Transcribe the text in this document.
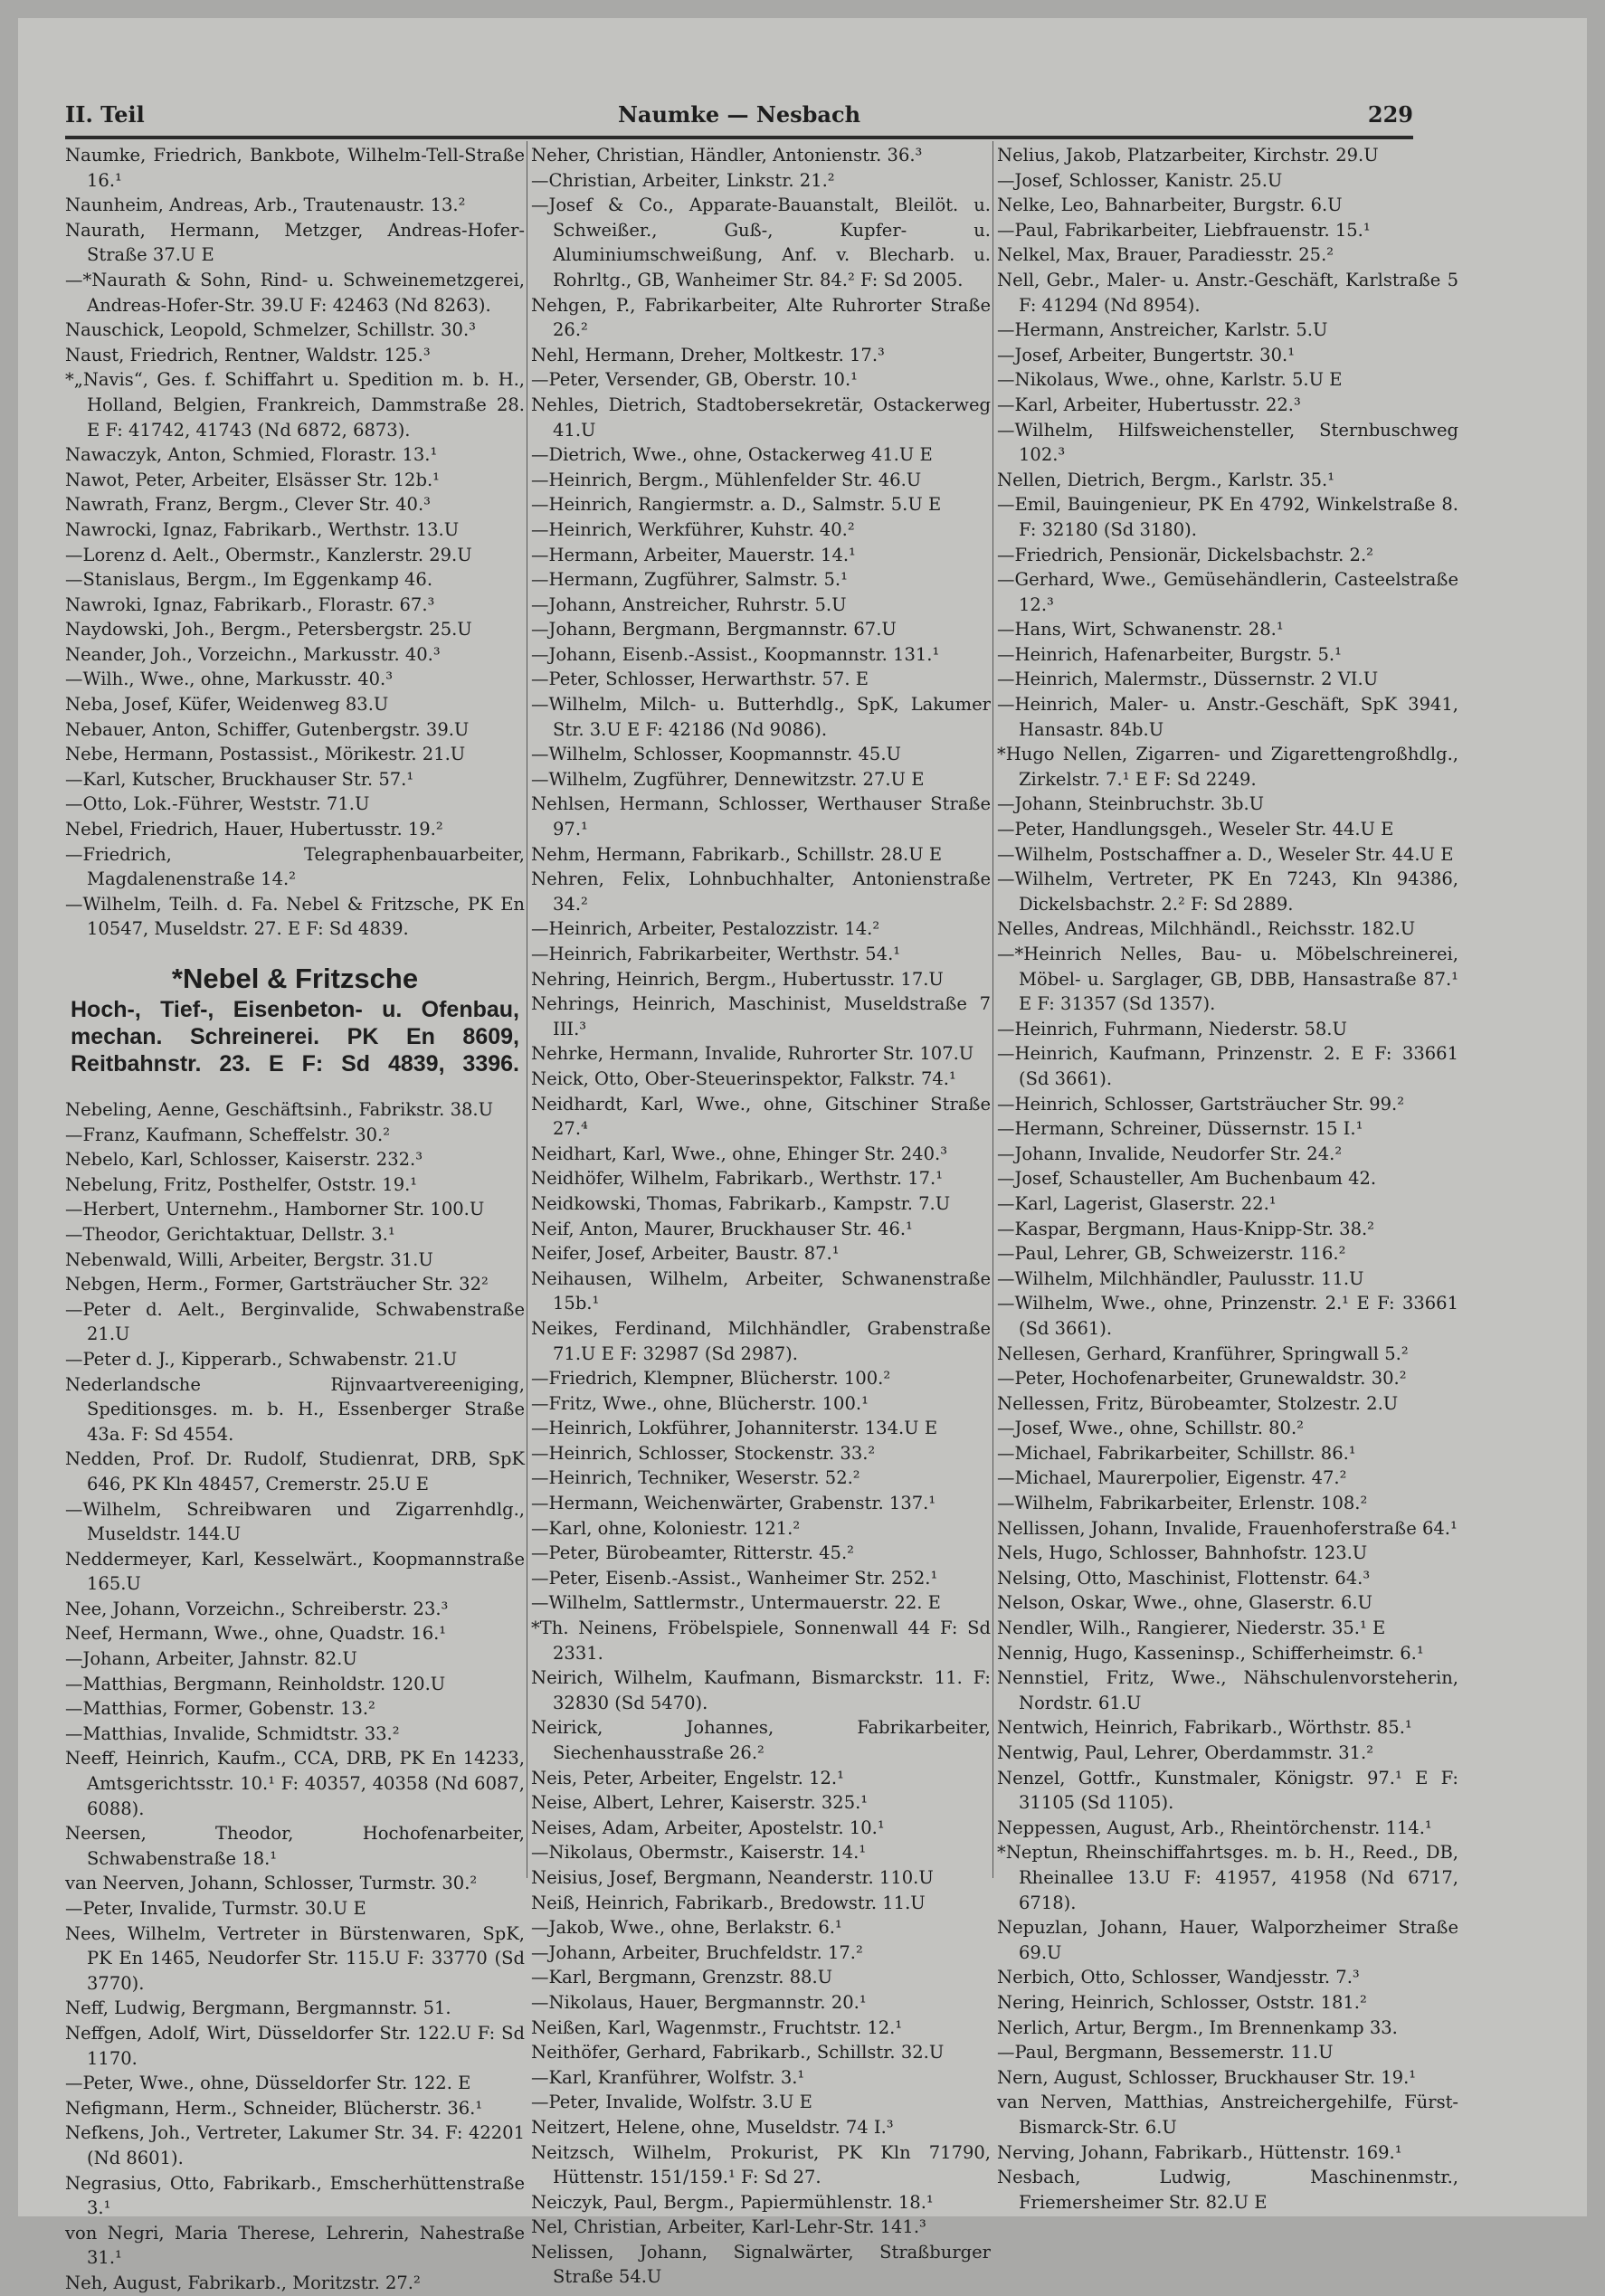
II. Teil	Naumke — Nesbach	229
Naumke, Friedrich, Bankbote, Wilhelm-Tell-Straße 16.¹
Naunheim, Andreas, Arb., Trautenaustr. 13.²
Naurath, Hermann, Metzger, Andreas-Hofer-Straße 37.U E
—*Naurath & Sohn, Rind- u. Schweinemetzgerei, Andreas-Hofer-Str. 39.U F: 42463 (Nd 8263).
Nauschick, Leopold, Schmelzer, Schillstr. 30.³
Naust, Friedrich, Rentner, Waldstr. 125.³
*„Navis“, Ges. f. Schiffahrt u. Spedition m. b. H., Holland, Belgien, Frankreich, Dammstraße 28. E F: 41742, 41743 (Nd 6872, 6873).
Nawaczyk, Anton, Schmied, Florastr. 13.¹
Nawot, Peter, Arbeiter, Elsässer Str. 12b.¹
Nawrath, Franz, Bergm., Clever Str. 40.³
Nawrocki, Ignaz, Fabrikarb., Werthstr. 13.U
—Lorenz d. Aelt., Obermstr., Kanzlerstr. 29.U
—Stanislaus, Bergm., Im Eggenkamp 46.
Nawroki, Ignaz, Fabrikarb., Florastr. 67.³
Naydowski, Joh., Bergm., Petersbergstr. 25.U
Neander, Joh., Vorzeichn., Markusstr. 40.³
—Wilh., Wwe., ohne, Markusstr. 40.³
Neba, Josef, Küfer, Weidenweg 83.U
Nebauer, Anton, Schiffer, Gutenbergstr. 39.U
Nebe, Hermann, Postassist., Mörikestr. 21.U
—Karl, Kutscher, Bruckhauser Str. 57.¹
—Otto, Lok.-Führer, Weststr. 71.U
Nebel, Friedrich, Hauer, Hubertusstr. 19.²
—Friedrich, Telegraphenbauarbeiter, Magdalenenstraße 14.²
—Wilhelm, Teilh. d. Fa. Nebel & Fritzsche, PK En 10547, Museldstr. 27. E F: Sd 4839.
*Nebel & Fritzsche
Hoch-, Tief-, Eisenbeton- u. Ofenbau,
mechan. Schreinerei. PK En 8609,
Reitbahnstr. 23. E F: Sd 4839, 3396.
Nebeling, Aenne, Geschäftsinh., Fabrikstr. 38.U
—Franz, Kaufmann, Scheffelstr. 30.²
Nebelo, Karl, Schlosser, Kaiserstr. 232.³
Nebelung, Fritz, Posthelfer, Oststr. 19.¹
—Herbert, Unternehm., Hamborner Str. 100.U
—Theodor, Gerichtaktuar, Dellstr. 3.¹
Nebenwald, Willi, Arbeiter, Bergstr. 31.U
Nebgen, Herm., Former, Gartsträucher Str. 32²
—Peter d. Aelt., Berginvalide, Schwabenstraße 21.U
—Peter d. J., Kipperarb., Schwabenstr. 21.U
Nederlandsche Rijnvaartvereeniging, Speditionsges. m. b. H., Essenberger Straße 43a. F: Sd 4554.
Nedden, Prof. Dr. Rudolf, Studienrat, DRB, SpK 646, PK Kln 48457, Cremerstr. 25.U E
—Wilhelm, Schreibwaren und Zigarrenhdlg., Museldstr. 144.U
Neddermeyer, Karl, Kesselwärt., Koopmannstraße 165.U
Nee, Johann, Vorzeichn., Schreiberstr. 23.³
Neef, Hermann, Wwe., ohne, Quadstr. 16.¹
—Johann, Arbeiter, Jahnstr. 82.U
—Matthias, Bergmann, Reinholdstr. 120.U
—Matthias, Former, Gobenstr. 13.²
—Matthias, Invalide, Schmidtstr. 33.²
Neeff, Heinrich, Kaufm., CCA, DRB, PK En 14233, Amtsgerichtsstr. 10.¹ F: 40357, 40358 (Nd 6087, 6088).
Neersen, Theodor, Hochofenarbeiter, Schwabenstraße 18.¹
van Neerven, Johann, Schlosser, Turmstr. 30.²
—Peter, Invalide, Turmstr. 30.U E
Nees, Wilhelm, Vertreter in Bürstenwaren, SpK, PK En 1465, Neudorfer Str. 115.U F: 33770 (Sd 3770).
Neff, Ludwig, Bergmann, Bergmannstr. 51.
Neffgen, Adolf, Wirt, Düsseldorfer Str. 122.U F: Sd 1170.
—Peter, Wwe., ohne, Düsseldorfer Str. 122. E
Nefigmann, Herm., Schneider, Blücherstr. 36.¹
Nefkens, Joh., Vertreter, Lakumer Str. 34. F: 42201 (Nd 8601).
Negrasius, Otto, Fabrikarb., Emscherhüttenstraße 3.¹
von Negri, Maria Therese, Lehrerin, Nahestraße 31.¹
Neh, August, Fabrikarb., Moritzstr. 27.²
Neher, Christian, Händler, Antonienstr. 36.³
—Christian, Arbeiter, Linkstr. 21.²
—Josef & Co., Apparate-Bauanstalt, Bleilöt. u. Schweißer., Guß-, Kupfer- u. Aluminiumschweißung, Anf. v. Blecharb. u. Rohrltg., GB, Wanheimer Str. 84.² F: Sd 2005.
Nehgen, P., Fabrikarbeiter, Alte Ruhrorter Straße 26.²
Nehl, Hermann, Dreher, Moltkestr. 17.³
—Peter, Versender, GB, Oberstr. 10.¹
Nehles, Dietrich, Stadtobersekretär, Ostackerweg 41.U
—Dietrich, Wwe., ohne, Ostackerweg 41.U E
—Heinrich, Bergm., Mühlenfelder Str. 46.U
—Heinrich, Rangiermstr. a. D., Salmstr. 5.U E
—Heinrich, Werkführer, Kuhstr. 40.²
—Hermann, Arbeiter, Mauerstr. 14.¹
—Hermann, Zugführer, Salmstr. 5.¹
—Johann, Anstreicher, Ruhrstr. 5.U
—Johann, Bergmann, Bergmannstr. 67.U
—Johann, Eisenb.-Assist., Koopmannstr. 131.¹
—Peter, Schlosser, Herwarthstr. 57. E
—Wilhelm, Milch- u. Butterhdlg., SpK, Lakumer Str. 3.U E F: 42186 (Nd 9086).
—Wilhelm, Schlosser, Koopmannstr. 45.U
—Wilhelm, Zugführer, Dennewitzstr. 27.U E
Nehlsen, Hermann, Schlosser, Werthauser Straße 97.¹
Nehm, Hermann, Fabrikarb., Schillstr. 28.U E
Nehren, Felix, Lohnbuchhalter, Antonienstraße 34.²
—Heinrich, Arbeiter, Pestalozzistr. 14.²
—Heinrich, Fabrikarbeiter, Werthstr. 54.¹
Nehring, Heinrich, Bergm., Hubertusstr. 17.U
Nehrings, Heinrich, Maschinist, Museldstraße 7 III.³
Nehrke, Hermann, Invalide, Ruhrorter Str. 107.U
Neick, Otto, Ober-Steuerinspektor, Falkstr. 74.¹
Neidhardt, Karl, Wwe., ohne, Gitschiner Straße 27.⁴
Neidhart, Karl, Wwe., ohne, Ehinger Str. 240.³
Neidhöfer, Wilhelm, Fabrikarb., Werthstr. 17.¹
Neidkowski, Thomas, Fabrikarb., Kampstr. 7.U
Neif, Anton, Maurer, Bruckhauser Str. 46.¹
Neifer, Josef, Arbeiter, Baustr. 87.¹
Neihausen, Wilhelm, Arbeiter, Schwanenstraße 15b.¹
Neikes, Ferdinand, Milchhändler, Grabenstraße 71.U E F: 32987 (Sd 2987).
—Friedrich, Klempner, Blücherstr. 100.²
—Fritz, Wwe., ohne, Blücherstr. 100.¹
—Heinrich, Lokführer, Johanniterstr. 134.U E
—Heinrich, Schlosser, Stockenstr. 33.²
—Heinrich, Techniker, Weserstr. 52.²
—Hermann, Weichenwärter, Grabenstr. 137.¹
—Karl, ohne, Koloniestr. 121.²
—Peter, Bürobeamter, Ritterstr. 45.²
—Peter, Eisenb.-Assist., Wanheimer Str. 252.¹
—Wilhelm, Sattlermstr., Untermauerstr. 22. E
*Th. Neinens, Fröbelspiele, Sonnenwall 44 F: Sd 2331.
Neirich, Wilhelm, Kaufmann, Bismarckstr. 11. F: 32830 (Sd 5470).
Neirick, Johannes, Fabrikarbeiter, Siechenhausstraße 26.²
Neis, Peter, Arbeiter, Engelstr. 12.¹
Neise, Albert, Lehrer, Kaiserstr. 325.¹
Neises, Adam, Arbeiter, Apostelstr. 10.¹
—Nikolaus, Obermstr., Kaiserstr. 14.¹
Neisius, Josef, Bergmann, Neanderstr. 110.U
Neiß, Heinrich, Fabrikarb., Bredowstr. 11.U
—Jakob, Wwe., ohne, Berlakstr. 6.¹
—Johann, Arbeiter, Bruchfeldstr. 17.²
—Karl, Bergmann, Grenzstr. 88.U
—Nikolaus, Hauer, Bergmannstr. 20.¹
Neißen, Karl, Wagenmstr., Fruchtstr. 12.¹
Neithöfer, Gerhard, Fabrikarb., Schillstr. 32.U
—Karl, Kranführer, Wolfstr. 3.¹
—Peter, Invalide, Wolfstr. 3.U E
Neitzert, Helene, ohne, Museldstr. 74 I.³
Neitzsch, Wilhelm, Prokurist, PK Kln 71790, Hüttenstr. 151/159.¹ F: Sd 27.
Neiczyk, Paul, Bergm., Papiermühlenstr. 18.¹
Nel, Christian, Arbeiter, Karl-Lehr-Str. 141.³
Nelissen, Johann, Signalwärter, Straßburger Straße 54.U
Nelius, Jakob, Platzarbeiter, Kirchstr. 29.U
—Josef, Schlosser, Kanistr. 25.U
Nelke, Leo, Bahnarbeiter, Burgstr. 6.U
—Paul, Fabrikarbeiter, Liebfrauenstr. 15.¹
Nelkel, Max, Brauer, Paradiesstr. 25.²
Nell, Gebr., Maler- u. Anstr.-Geschäft, Karlstraße 5 F: 41294 (Nd 8954).
—Hermann, Anstreicher, Karlstr. 5.U
—Josef, Arbeiter, Bungertstr. 30.¹
—Nikolaus, Wwe., ohne, Karlstr. 5.U E
—Karl, Arbeiter, Hubertusstr. 22.³
—Wilhelm, Hilfsweichensteller, Sternbuschweg 102.³
Nellen, Dietrich, Bergm., Karlstr. 35.¹
—Emil, Bauingenieur, PK En 4792, Winkelstraße 8. F: 32180 (Sd 3180).
—Friedrich, Pensionär, Dickelsbachstr. 2.²
—Gerhard, Wwe., Gemüsehändlerin, Casteelstraße 12.³
—Hans, Wirt, Schwanenstr. 28.¹
—Heinrich, Hafenarbeiter, Burgstr. 5.¹
—Heinrich, Malermstr., Düssernstr. 2 VI.U
—Heinrich, Maler- u. Anstr.-Geschäft, SpK 3941, Hansastr. 84b.U
*Hugo Nellen, Zigarren- und Zigarettengroßhdlg., Zirkelstr. 7.¹ E F: Sd 2249.
—Johann, Steinbruchstr. 3b.U
—Peter, Handlungsgeh., Weseler Str. 44.U E
—Wilhelm, Postschaffner a. D., Weseler Str. 44.U E
—Wilhelm, Vertreter, PK En 7243, Kln 94386, Dickelsbachstr. 2.² F: Sd 2889.
Nelles, Andreas, Milchhändl., Reichsstr. 182.U
—*Heinrich Nelles, Bau- u. Möbelschreinerei, Möbel- u. Sarglager, GB, DBB, Hansastraße 87.¹ E F: 31357 (Sd 1357).
—Heinrich, Fuhrmann, Niederstr. 58.U
—Heinrich, Kaufmann, Prinzenstr. 2. E F: 33661 (Sd 3661).
—Heinrich, Schlosser, Gartsträucher Str. 99.²
—Hermann, Schreiner, Düssernstr. 15 I.¹
—Johann, Invalide, Neudorfer Str. 24.²
—Josef, Schausteller, Am Buchenbaum 42.
—Karl, Lagerist, Glaserstr. 22.¹
—Kaspar, Bergmann, Haus-Knipp-Str. 38.²
—Paul, Lehrer, GB, Schweizerstr. 116.²
—Wilhelm, Milchhändler, Paulusstr. 11.U
—Wilhelm, Wwe., ohne, Prinzenstr. 2.¹ E F: 33661 (Sd 3661).
Nellesen, Gerhard, Kranführer, Springwall 5.²
—Peter, Hochofenarbeiter, Grunewaldstr. 30.²
Nellessen, Fritz, Bürobeamter, Stolzestr. 2.U
—Josef, Wwe., ohne, Schillstr. 80.²
—Michael, Fabrikarbeiter, Schillstr. 86.¹
—Michael, Maurerpolier, Eigenstr. 47.²
—Wilhelm, Fabrikarbeiter, Erlenstr. 108.²
Nellissen, Johann, Invalide, Frauenhoferstraße 64.¹
Nels, Hugo, Schlosser, Bahnhofstr. 123.U
Nelsing, Otto, Maschinist, Flottenstr. 64.³
Nelson, Oskar, Wwe., ohne, Glaserstr. 6.U
Nendler, Wilh., Rangierer, Niederstr. 35.¹ E
Nennig, Hugo, Kasseninsp., Schifferheimstr. 6.¹
Nennstiel, Fritz, Wwe., Nähschulenvorsteherin, Nordstr. 61.U
Nentwich, Heinrich, Fabrikarb., Wörthstr. 85.¹
Nentwig, Paul, Lehrer, Oberdammstr. 31.²
Nenzel, Gottfr., Kunstmaler, Königstr. 97.¹ E F: 31105 (Sd 1105).
Neppessen, August, Arb., Rheintörchenstr. 114.¹
*Neptun, Rheinschiffahrtsges. m. b. H., Reed., DB, Rheinallee 13.U F: 41957, 41958 (Nd 6717, 6718).
Nepuzlan, Johann, Hauer, Walporzheimer Straße 69.U
Nerbich, Otto, Schlosser, Wandjesstr. 7.³
Nering, Heinrich, Schlosser, Oststr. 181.²
Nerlich, Artur, Bergm., Im Brennenkamp 33.
—Paul, Bergmann, Bessemerstr. 11.U
Nern, August, Schlosser, Bruckhauser Str. 19.¹
van Nerven, Matthias, Anstreichergehilfe, Fürst-Bismarck-Str. 6.U
Nerving, Johann, Fabrikarb., Hüttenstr. 169.¹
Nesbach, Ludwig, Maschinenmstr., Friemersheimer Str. 82.U E
